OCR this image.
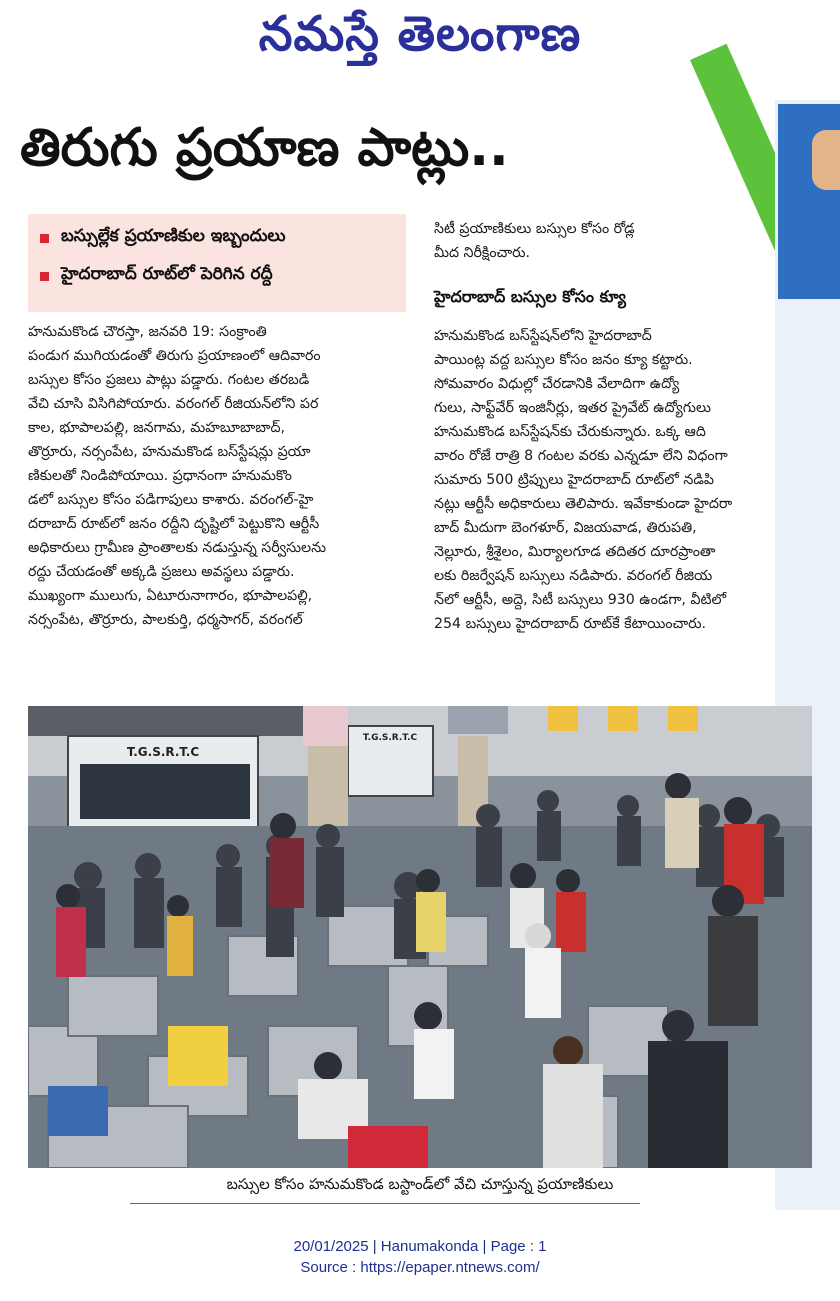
నమస్తే తెలంగాణ
తిరుగు ప్రయాణ పాట్లు..
బస్సుల్లేక ప్రయాణికుల ఇబ్బందులు
హైదరాబాద్ రూట్‌లో పెరిగిన రద్దీ

హనుమకొండ చౌరస్తా, జనవరి 19: సంక్రాంతి

పండుగ ముగియడంతో తిరుగు ప్రయాణంలో ఆదివారం

బస్సుల కోసం ప్రజలు పాట్లు పడ్డారు. గంటల తరబడి

వేచి చూసి విసిగిపోయారు. వరంగల్ రీజియన్‌లోని పర

కాల, భూపాలపల్లి, జనగామ, మహబూబాబాద్,

తొర్రూరు, నర్సంపేట, హనుమకొండ బస్‌స్టేషన్లు ప్రయా

ణికులతో నిండిపోయాయి. ప్రధానంగా హనుమకొం

డలో బస్సుల కోసం పడిగాపులు కాశారు. వరంగల్-హై

దరాబాద్ రూట్‌లో జనం రద్దీని దృష్టిలో పెట్టుకొని ఆర్టీసీ

అధికారులు గ్రామీణ ప్రాంతాలకు నడుస్తున్న సర్వీసులను

రద్దు చేయడంతో అక్కడి ప్రజలు అవస్థలు పడ్డారు.

ముఖ్యంగా ములుగు, ఏటూరునాగారం, భూపాలపల్లి,

నర్సంపేట, తొర్రూరు, పాలకుర్తి, ధర్మసాగర్, వరంగల్

సిటీ ప్రయాణికులు బస్సుల కోసం రోడ్ల

మీద నిరీక్షించారు.

హైదరాబాద్ బస్సుల కోసం క్యూ

హనుమకొండ బస్‌స్టేషన్‌లోని హైదరాబాద్

పాయింట్ల వద్ద బస్సుల కోసం జనం క్యూ కట్టారు.

సోమవారం విధుల్లో చేరడానికి వేలాదిగా ఉద్యో

గులు, సాఫ్ట్‌వేర్ ఇంజినీర్లు, ఇతర ప్రైవేట్ ఉద్యోగులు

హనుమకొండ బస్‌స్టేషన్‌కు చేరుకున్నారు. ఒక్క ఆది

వారం రోజే రాత్రి 8 గంటల వరకు ఎన్నడూ లేని విధంగా

సుమారు 500 ట్రిప్పులు హైదరాబాద్ రూట్‌లో నడిపి

నట్లు ఆర్టీసీ అధికారులు తెలిపారు. ఇవేకాకుండా హైదరా

బాద్ మీదుగా బెంగళూర్, విజయవాడ, తిరుపతి,

నెల్లూరు, శ్రీశైలం, మిర్యాలగూడ తదితర దూరప్రాంతా

లకు రిజర్వేషన్ బస్సులు నడిపారు. వరంగల్ రీజియ

న్‌లో ఆర్టీసీ, అద్దె, సిటీ బస్సులు 930 ఉండగా, వీటిలో

254 బస్సులు హైదరాబాద్ రూట్‌కే కేటాయించారు.

T.G.S.R.T.C
T.G.S.R.T.C
బస్సుల కోసం హనుమకొండ బస్టాండ్‌లో వేచి చూస్తున్న ప్రయాణికులు
20/01/2025 | Hanumakonda | Page : 1
Source : https://epaper.ntnews.com/
